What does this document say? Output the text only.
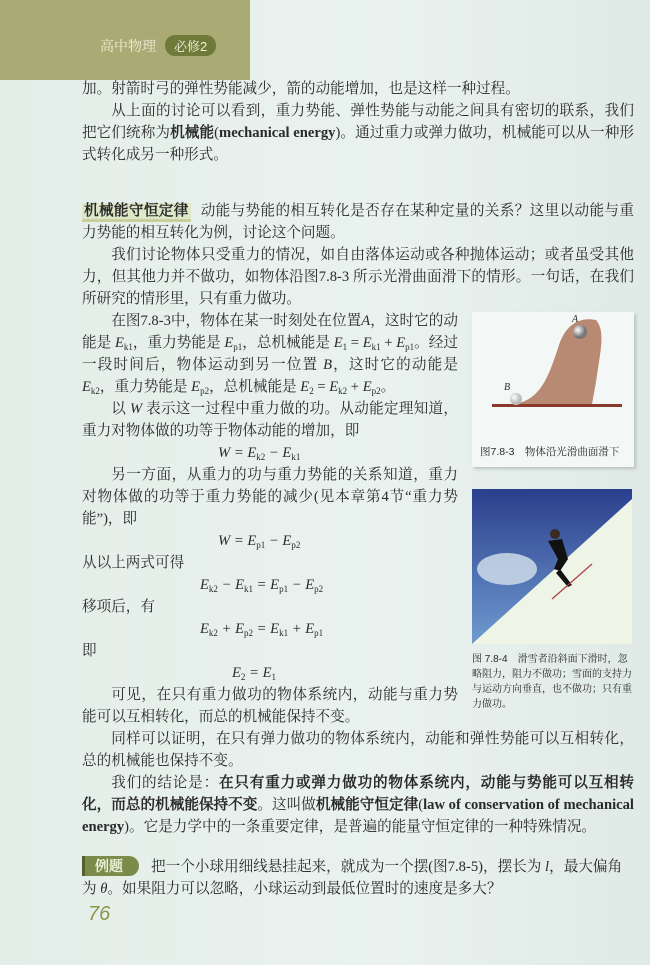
高中物理	必修2

加。射箭时弓的弹性势能减少，箭的动能增加，也是这样一种过程。

从上面的讨论可以看到，重力势能、弹性势能与动能之间具有密切的联系，我们把它们统称为机械能(mechanical energy)。通过重力或弹力做功，机械能可以从一种形式转化成另一种形式。

机械能守恒定律 动能与势能的相互转化是否存在某种定量的关系？这里以动能与重力势能的相互转化为例，讨论这个问题。

我们讨论物体只受重力的情况，如自由落体运动或各种抛体运动；或者虽受其他力，但其他力并不做功，如物体沿图7.8-3 所示光滑曲面滑下的情形。一句话，在我们所研究的情形里，只有重力做功。

A
B
图7.8-3　物体沿光滑曲面滑下

在图7.8-3中，物体在某一时刻处在位置A，这时它的动能是 $E_{k1}$，重力势能是 $E_{p1}$，总机械能是 $E_1 = E_{k1} + E_{p1}$。经过一段时间后，物体运动到另一位置 B，这时它的动能是 $E_{k2}$，重力势能是 $E_{p2}$，总机械能是 $E_2 = E_{k2} + E_{p2}$。

以 W 表示这一过程中重力做的功。从动能定理知道，重力对物体做的功等于物体动能的增加，即

$W = E_{k2} - E_{k1}$
图 7.8-4　滑雪者沿斜面下滑时，忽略阻力，阻力不做功；雪面的支持力与运动方向垂直，也不做功；只有重力做功。

另一方面，从重力的功与重力势能的关系知道，重力对物体做的功等于重力势能的减少(见本章第4节“重力势能”)，即

$W = E_{p1} - E_{p2}$

从以上两式可得

$E_{k2} - E_{k1} = E_{p1} - E_{p2}$

移项后，有

$E_{k2} + E_{p2} = E_{k1} + E_{p1}$

即

$E_2 = E_1$

可见，在只有重力做功的物体系统内，动能与重力势能可以互相转化，而总的机械能保持不变。

同样可以证明，在只有弹力做功的物体系统内，动能和弹性势能可以互相转化，总的机械能也保持不变。

我们的结论是：在只有重力或弹力做功的物体系统内，动能与势能可以互相转化，而总的机械能保持不变。这叫做机械能守恒定律(law of conservation of mechanical energy)。它是力学中的一条重要定律，是普遍的能量守恒定律的一种特殊情况。

例题 把一个小球用细线悬挂起来，就成为一个摆(图7.8-5)，摆长为 l，最大偏角为 θ。如果阻力可以忽略，小球运动到最低位置时的速度是多大？
76
